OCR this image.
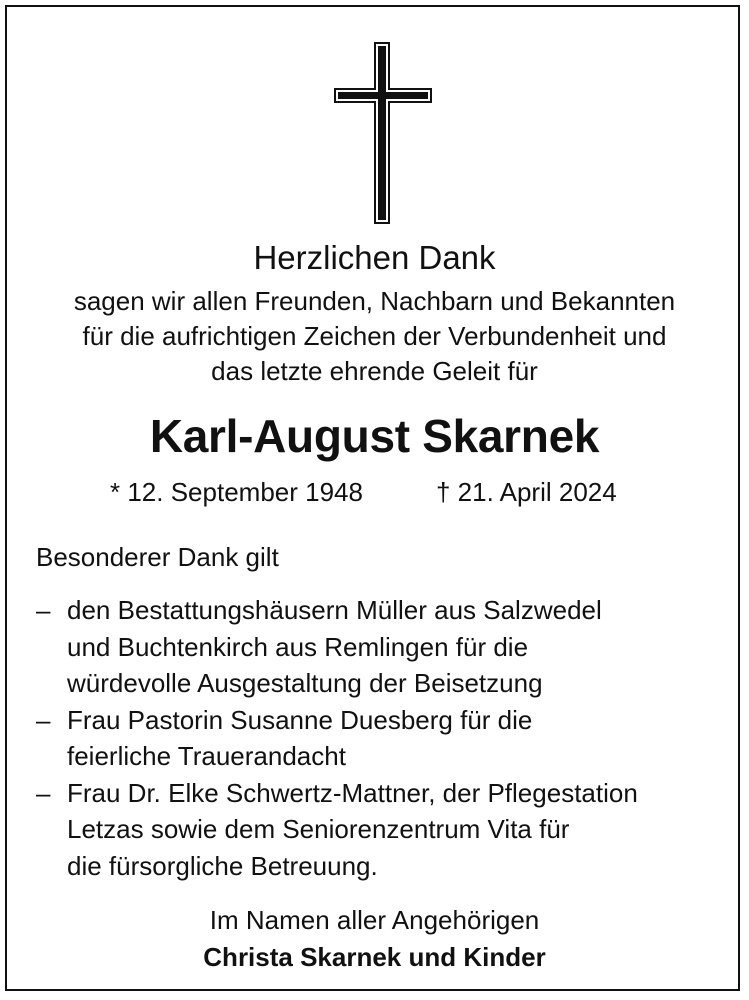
Herzlichen Dank
sagen wir allen Freunden, Nachbarn und Bekannten
für die aufrichtigen Zeichen der Verbundenheit und
das letzte ehrende Geleit für
Karl-August Skarnek
* 12. September 1948	† 21. April 2024
Besonderer Dank gilt
– den Bestattungshäusern Müller aus Salzwedel
und Buchtenkirch aus Remlingen für die
würdevolle Ausgestaltung der Beisetzung
– Frau Pastorin Susanne Duesberg für die
feierliche Trauerandacht
– Frau Dr. Elke Schwertz-Mattner, der Pflegestation
Letzas sowie dem Seniorenzentrum Vita für
die fürsorgliche Betreuung.
Im Namen aller Angehörigen
Christa Skarnek und Kinder
